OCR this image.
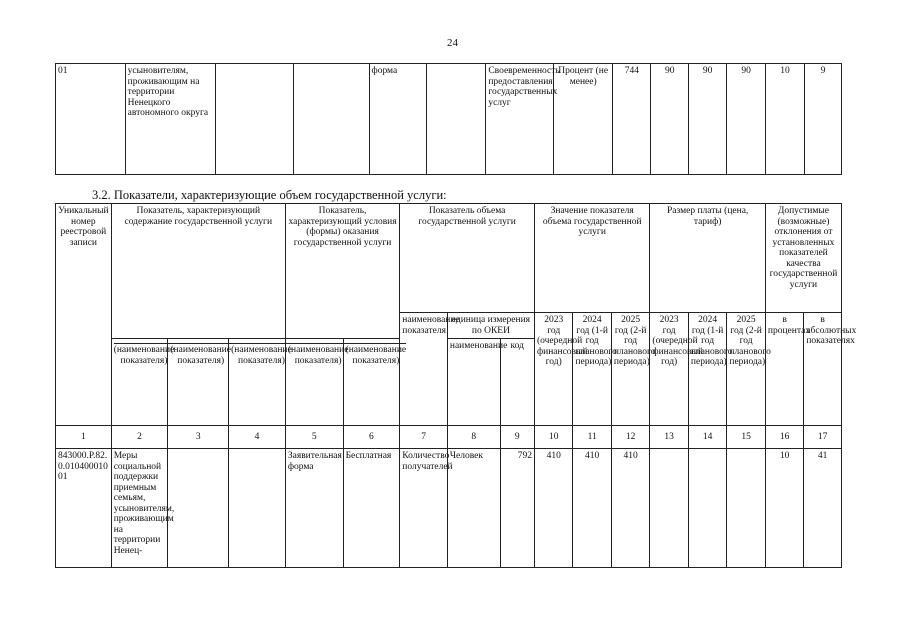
24
01	усыновителям, проживающим на территории Ненецкого автономного округа			форма		Своевременность предоставления государственных услуг	Процент (не менее)	744	90	90	90	10	9
3.2. Показатели, характеризующие объем государственной услуги:
Уникальный номер реестровой записи	Показатель, характеризующий содержание государственной услуги			Показатель, характеризующий условия (формы) оказания государственной услуги		Показатель объема государственной услуги			Значение показателя объема государственной услуги			Размер платы (цена, тариф)			Допустимые (возможные) отклонения от установленных показателей качества государственной услуги	
						наименование показателя	единица измерения по ОКЕИ		2023 год (очередной финансовый год)	2024 год (1-й год планового периода)	2025 год (2-й год планового периода)	2023 год (очередной финансовый год)	2024 год (1-й год планового периода)	2025 год (2-й год планового периода)	в процентах	в абсолютных показателях
							наименование	код								
	(наименование показателя)	(наименование показателя)	(наименование показателя)	(наименование показателя)	(наименование показателя)											
1	2	3	4	5	6	7	8	9	10	11	12	13	14	15	16	17
843000.Р.82.0.01040001001	Меры социальной поддержки приемным семьям, усыновителям, проживающим на территории Ненец-			Заявительная форма	Бесплатная	Количество получателей	Человек	792	410	410	410				10	41
